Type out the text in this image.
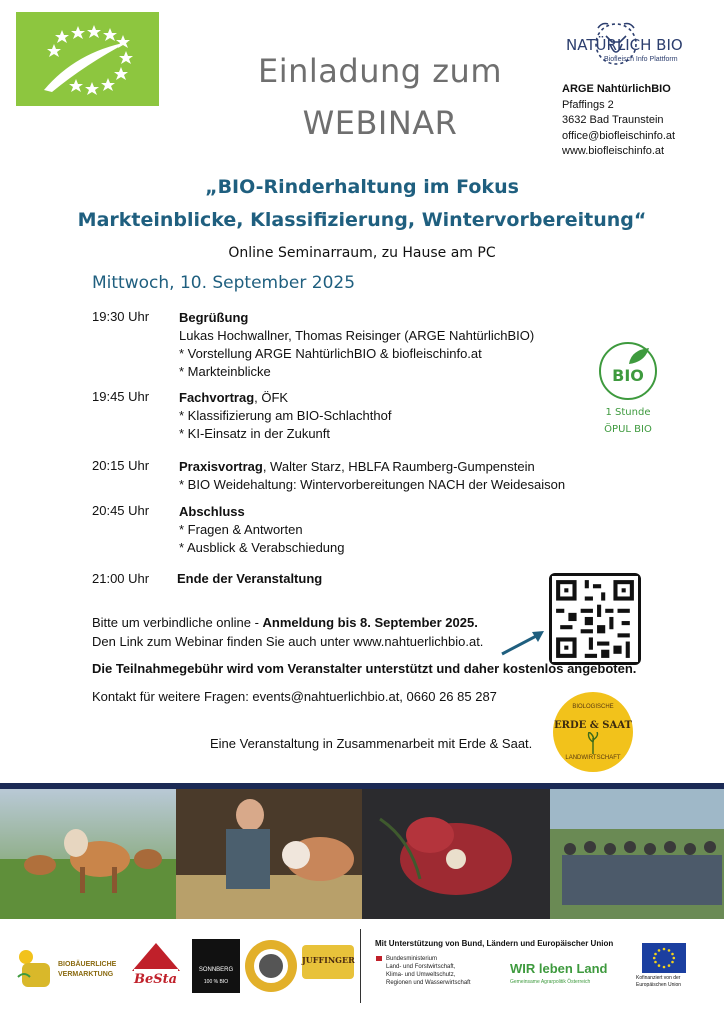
Einladung zum
WEBINAR
NATÜRLICH BIO
Biofleisch Info Plattform
ARGE NahtürlichBIO
Pfaffings 2
3632 Bad Traunstein
office@biofleischinfo.at
www.biofleischinfo.at
„BIO-Rinderhaltung im Fokus
Markteinblicke, Klassifizierung, Wintervorbereitung“
Online Seminarraum, zu Hause am PC
Mittwoch, 10. September 2025
19:30 Uhr Begrüßung
Lukas Hochwallner, Thomas Reisinger (ARGE NahtürlichBIO)
* Vorstellung ARGE NahtürlichBIO & biofleischinfo.at
* Markteinblicke
19:45 Uhr Fachvortrag, ÖFK
* Klassifizierung am BIO-Schlachthof
* KI-Einsatz in der Zukunft
20:15 Uhr Praxisvortrag, Walter Starz, HBLFA Raumberg-Gumpenstein
* BIO Weidehaltung: Wintervorbereitungen NACH der Weidesaison
20:45 Uhr Abschluss
* Fragen & Antworten
* Ausblick & Verabschiedung
21:00 Uhr Ende der Veranstaltung
BIO
1 Stunde
ÖPUL BIO
Bitte um verbindliche online - Anmeldung bis 8. September 2025.
Den Link zum Webinar finden Sie auch unter www.nahtuerlichbio.at.
Die Teilnahmegebühr wird vom Veranstalter unterstützt und daher kostenlos angeboten.
Kontakt für weitere Fragen: events@nahtuerlichbio.at, 0660 26 85 287
Eine Veranstaltung in Zusammenarbeit mit Erde & Saat.
BIOLOGISCHE
ERDE & SAAT
LANDWIRTSCHAFT
BIOBÄUERLICHE
VERMARKTUNG BeSta
SONNBERG
100 % BIO
JUFFINGER
Mit Unterstützung von Bund, Ländern und Europäischer Union
Bundesministerium
Land- und Forstwirtschaft,
Klima- und Umweltschutz,
Regionen und Wasserwirtschaft
WIR leben Land
Gemeinsame Agrarpolitik Österreich
Kofinanziert von der
Europäischen Union
